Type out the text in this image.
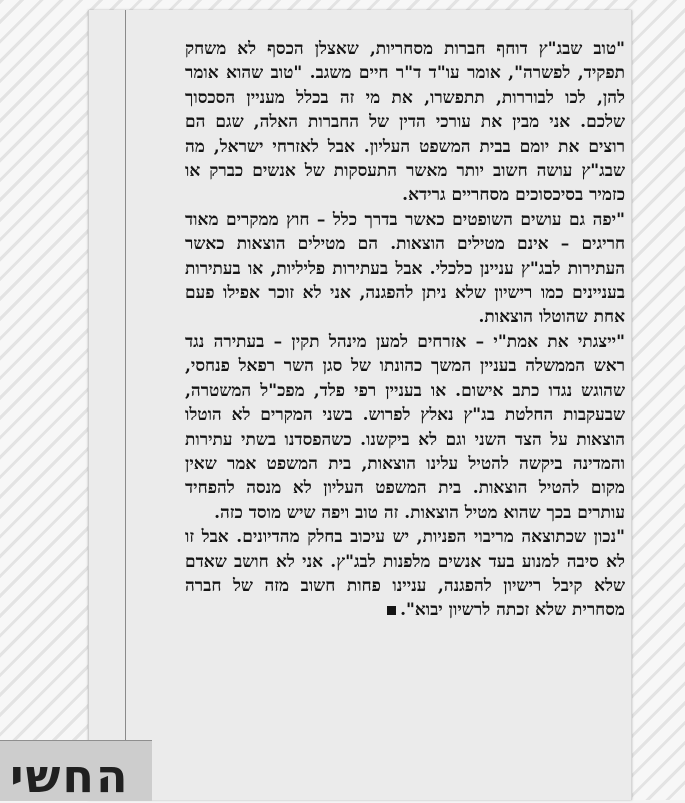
"טוב שבג"ץ דוחף חברות מסחריות, שאצלן הכסף לא משחק תפקיד, לפשרה", אומר עו"ד ד"ר חיים משגב. "טוב שהוא אומר להן, לכו לבוררות, תתפשרו, את מי זה בכלל מעניין הסכסוך שלכם. אני מבין את עורכי הדין של החברות האלה, שגם הם רוצים את יומם בבית המשפט העליון. אבל לאזרחי ישראל, מה שבג"ץ עושה חשוב יותר מאשר התעסקות של אנשים כברק או כזמיר בסיכסוכים מסחריים גרידא.

"יפה גם עושים השופטים כאשר בדרך כלל – חוץ ממקרים מאוד חריגים – אינם מטילים הוצאות. הם מטילים הוצאות כאשר העתירות לבג"ץ עניינן כלכלי. אבל בעתירות פליליות, או בעתירות בעניינים כמו רישיון שלא ניתן להפגנה, אני לא זוכר אפילו פעם אחת שהוטלו הוצאות.

"ייצגתי את אמת"י – אזרחים למען מינהל תקין – בעתירה נגד ראש הממשלה בעניין המשך כהונתו של סגן השר רפאל פנחסי, שהוגש נגדו כתב אישום. או בעניין רפי פלד, מפכ"ל המשטרה, שבעקבות החלטת בג"ץ נאלץ לפרוש. בשני המקרים לא הוטלו הוצאות על הצד השני וגם לא ביקשנו. כשהפסדנו בשתי עתירות והמדינה ביקשה להטיל עלינו הוצאות, בית המשפט אמר שאין מקום להטיל הוצאות. בית המשפט העליון לא מנסה להפחיד עותרים בכך שהוא מטיל הוצאות. זה טוב ויפה שיש מוסד כזה.

"נכון שכתוצאה מריבוי הפניות, יש עיכוב בחלק מהדיונים. אבל זו לא סיבה למנוע בעד אנשים מלפנות לבג"ץ. אני לא חושב שאדם שלא קיבל רישיון להפגנה, עניינו פחות חשוב מזה של חברה מסחרית שלא זכתה לרשיון יבוא".

החשי
